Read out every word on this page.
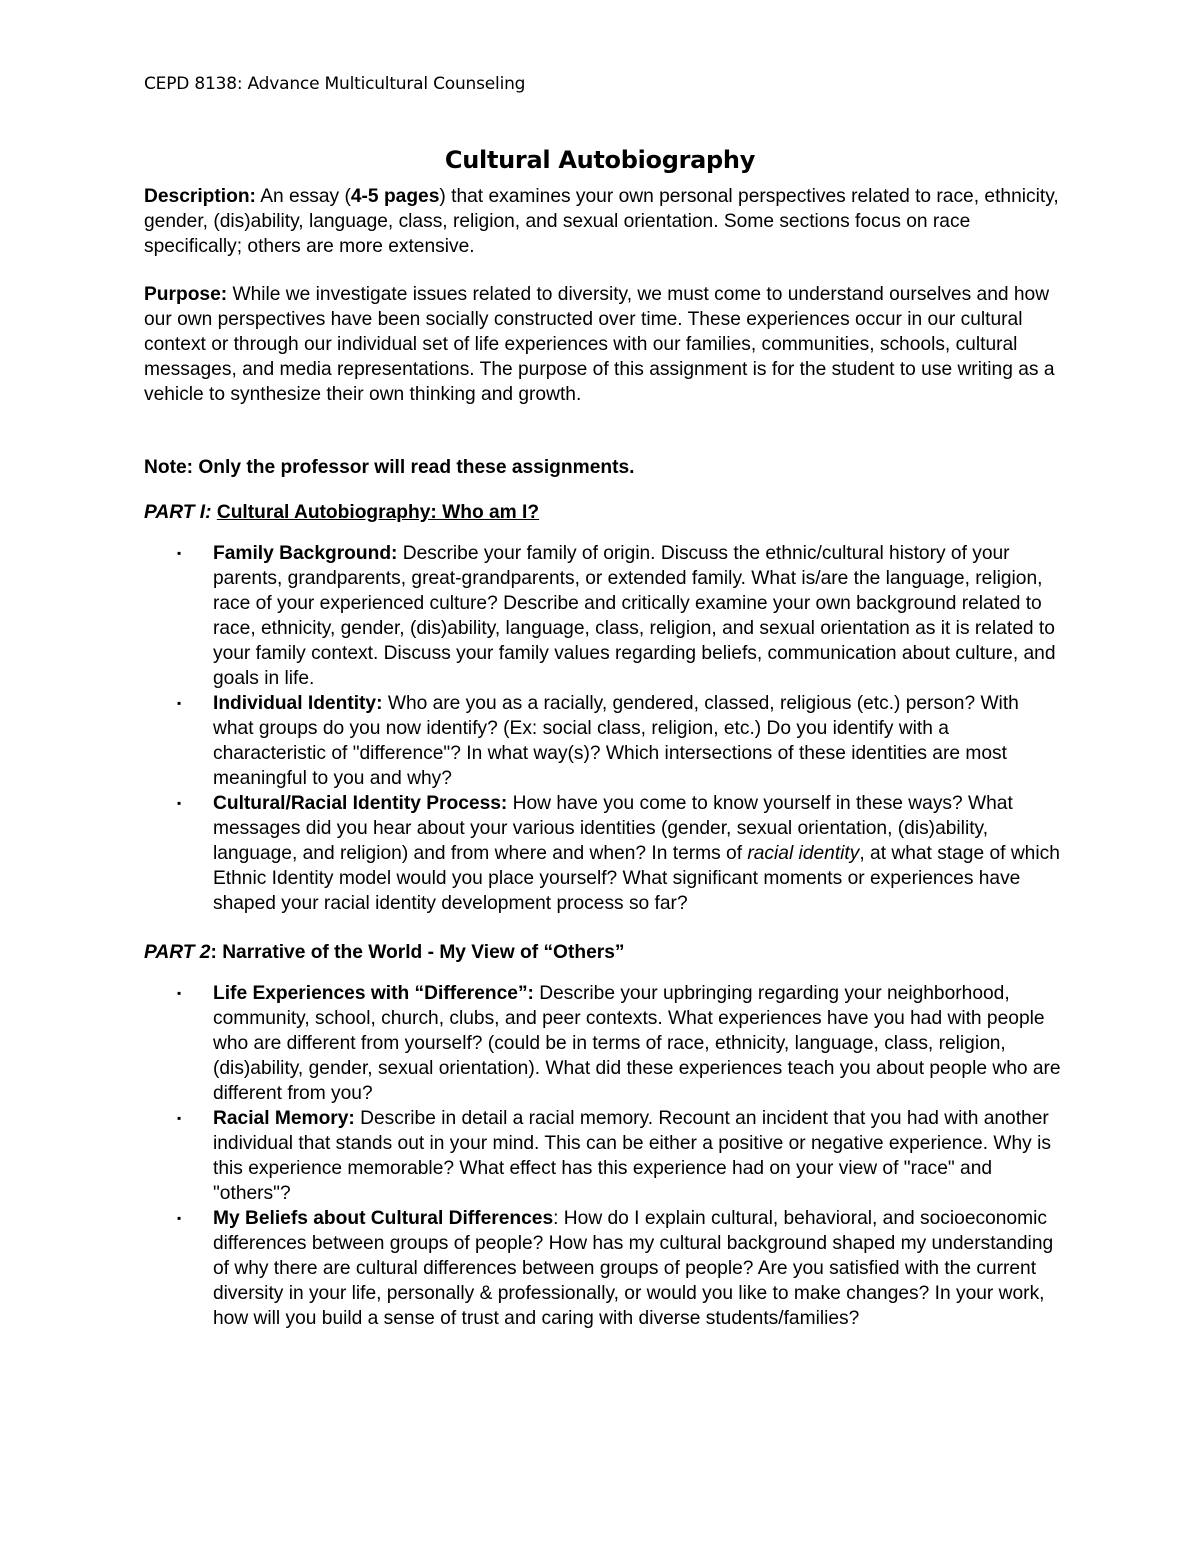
CEPD 8138: Advance Multicultural Counseling
Cultural Autobiography
Description: An essay (4-5 pages) that examines your own personal perspectives related to race, ethnicity, gender, (dis)ability, language, class, religion, and sexual orientation. Some sections focus on race specifically; others are more extensive.
Purpose: While we investigate issues related to diversity, we must come to understand ourselves and how our own perspectives have been socially constructed over time. These experiences occur in our cultural context or through our individual set of life experiences with our families, communities, schools, cultural messages, and media representations. The purpose of this assignment is for the student to use writing as a vehicle to synthesize their own thinking and growth.
Note: Only the professor will read these assignments.
PART I: Cultural Autobiography: Who am I?
▪ Family Background: Describe your family of origin. Discuss the ethnic/cultural history of your parents, grandparents, great-grandparents, or extended family. What is/are the language, religion, race of your experienced culture? Describe and critically examine your own background related to race, ethnicity, gender, (dis)ability, language, class, religion, and sexual orientation as it is related to your family context. Discuss your family values regarding beliefs, communication about culture, and goals in life.
▪ Individual Identity: Who are you as a racially, gendered, classed, religious (etc.) person? With what groups do you now identify? (Ex: social class, religion, etc.) Do you identify with a characteristic of "difference"? In what way(s)? Which intersections of these identities are most meaningful to you and why?
▪ Cultural/Racial Identity Process: How have you come to know yourself in these ways? What messages did you hear about your various identities (gender, sexual orientation, (dis)ability, language, and religion) and from where and when? In terms of racial identity, at what stage of which Ethnic Identity model would you place yourself? What significant moments or experiences have shaped your racial identity development process so far?
PART 2: Narrative of the World - My View of “Others”
▪ Life Experiences with “Difference”: Describe your upbringing regarding your neighborhood, community, school, church, clubs, and peer contexts. What experiences have you had with people who are different from yourself? (could be in terms of race, ethnicity, language, class, religion, (dis)ability, gender, sexual orientation). What did these experiences teach you about people who are different from you?
▪ Racial Memory: Describe in detail a racial memory. Recount an incident that you had with another individual that stands out in your mind. This can be either a positive or negative experience. Why is this experience memorable? What effect has this experience had on your view of "race" and "others"?
▪ My Beliefs about Cultural Differences: How do I explain cultural, behavioral, and socioeconomic differences between groups of people? How has my cultural background shaped my understanding of why there are cultural differences between groups of people? Are you satisfied with the current diversity in your life, personally & professionally, or would you like to make changes? In your work, how will you build a sense of trust and caring with diverse students/families?
